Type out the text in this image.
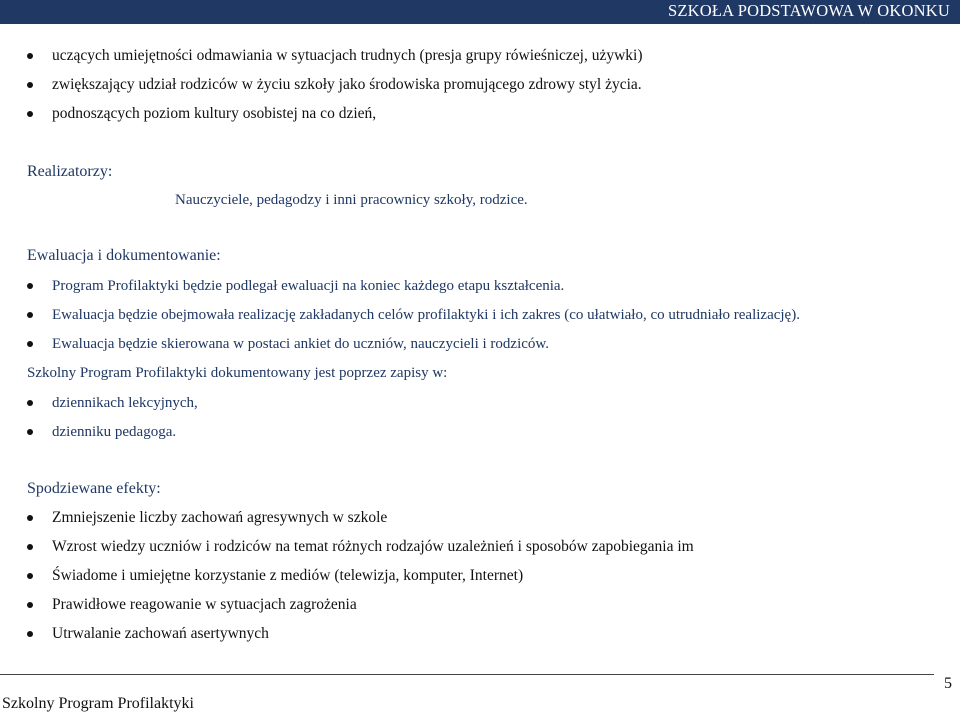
SZKOŁA PODSTAWOWA W OKONKU
uczących umiejętności odmawiania w sytuacjach trudnych (presja grupy rówieśniczej, używki)
zwiększający udział rodziców w życiu szkoły jako środowiska promującego zdrowy styl życia.
podnoszących poziom kultury osobistej na co dzień,
Realizatorzy:
Nauczyciele, pedagodzy i inni pracownicy szkoły, rodzice.
Ewaluacja i dokumentowanie:
Program Profilaktyki będzie podlegał ewaluacji na koniec każdego etapu kształcenia.
Ewaluacja będzie obejmowała realizację zakładanych celów profilaktyki i ich zakres (co ułatwiało, co utrudniało realizację).
Ewaluacja będzie skierowana w postaci ankiet do uczniów, nauczycieli i rodziców.
Szkolny Program Profilaktyki dokumentowany jest poprzez zapisy w:
dziennikach lekcyjnych,
dzienniku pedagoga.
Spodziewane efekty:
Zmniejszenie liczby zachowań agresywnych w szkole
Wzrost wiedzy uczniów i rodziców na temat różnych rodzajów uzależnień i sposobów zapobiegania im
Świadome i umiejętne korzystanie z mediów (telewizja, komputer, Internet)
Prawidłowe reagowanie w sytuacjach zagrożenia
Utrwalanie zachowań asertywnych
Szkolny Program Profilaktyki
5
